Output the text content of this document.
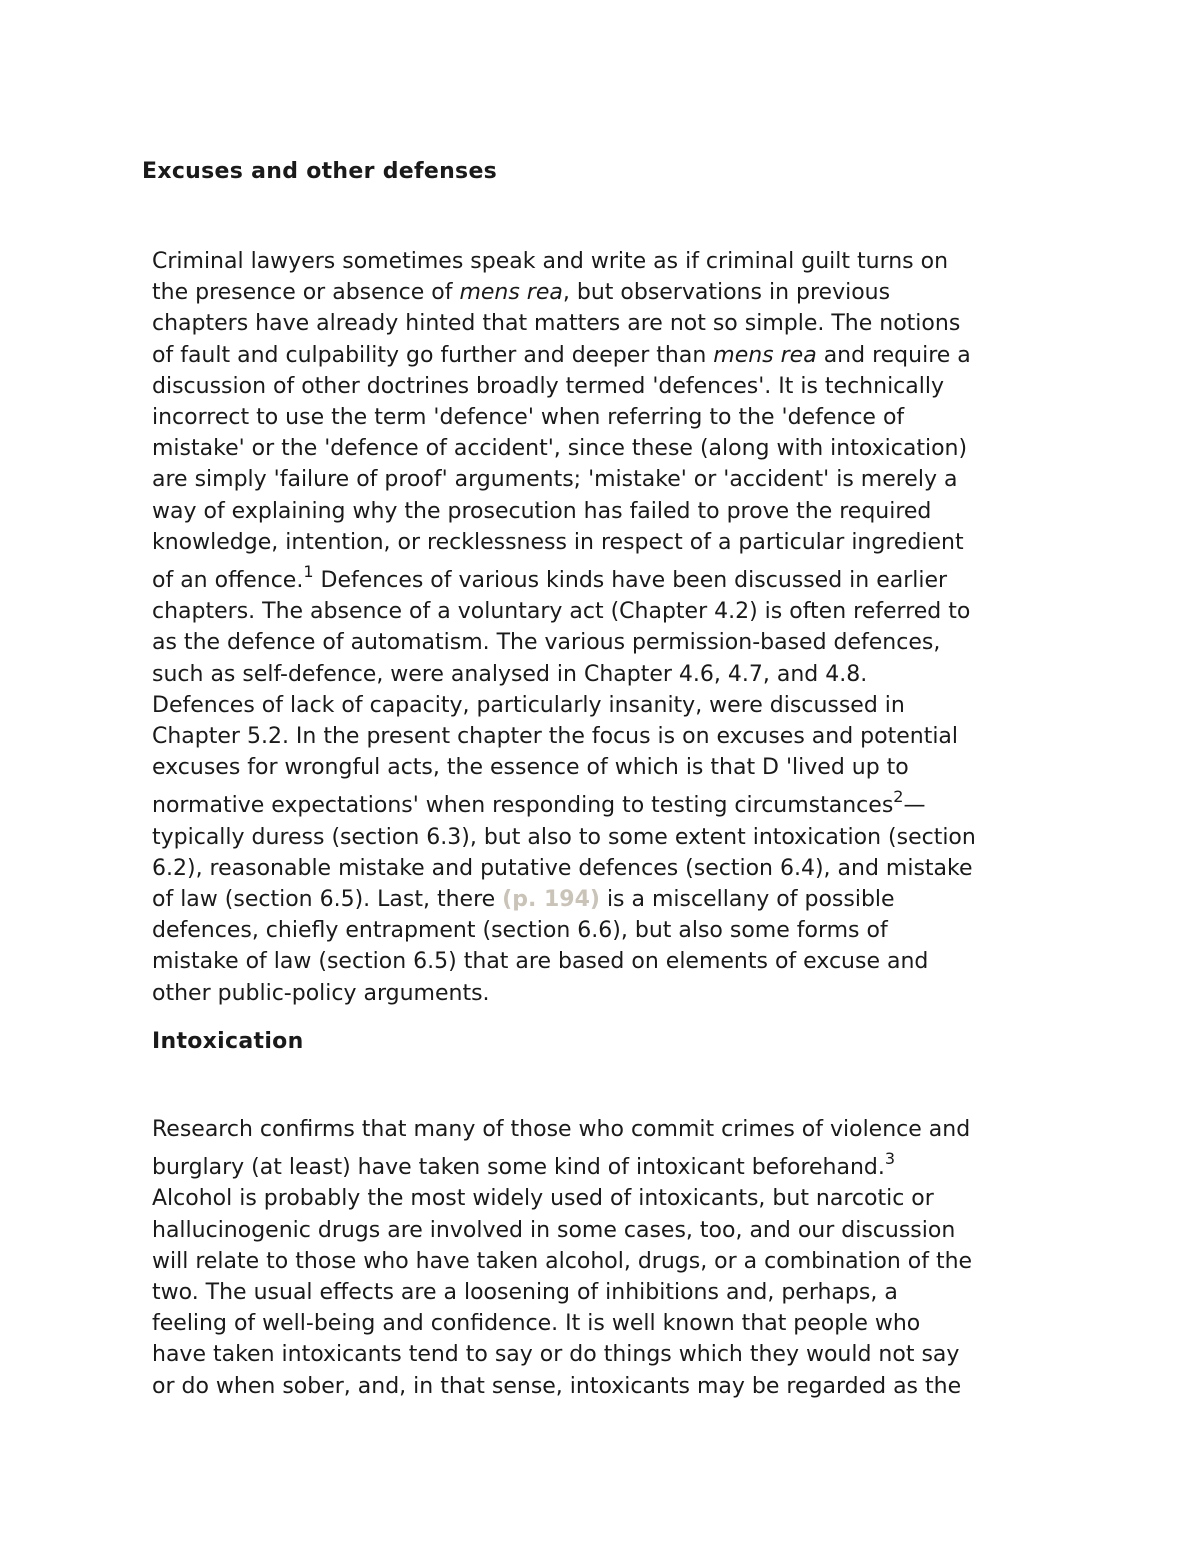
Excuses and other defenses
Criminal lawyers sometimes speak and write as if criminal guilt turns on
the presence or absence of mens rea, but observations in previous
chapters have already hinted that matters are not so simple. The notions
of fault and culpability go further and deeper than mens rea and require a
discussion of other doctrines broadly termed 'defences'. It is technically
incorrect to use the term 'defence' when referring to the 'defence of
mistake' or the 'defence of accident', since these (along with intoxication)
are simply 'failure of proof' arguments; 'mistake' or 'accident' is merely a
way of explaining why the prosecution has failed to prove the required
knowledge, intention, or recklessness in respect of a particular ingredient
of an offence.$^1$ Defences of various kinds have been discussed in earlier
chapters. The absence of a voluntary act (Chapter 4.2) is often referred to
as the defence of automatism. The various permission-based defences,
such as self-defence, were analysed in Chapter 4.6, 4.7, and 4.8.
Defences of lack of capacity, particularly insanity, were discussed in
Chapter 5.2. In the present chapter the focus is on excuses and potential
excuses for wrongful acts, the essence of which is that D 'lived up to
normative expectations' when responding to testing circumstances$^2$—
typically duress (section 6.3), but also to some extent intoxication (section
6.2), reasonable mistake and putative defences (section 6.4), and mistake
of law (section 6.5). Last, there (p. 194) is a miscellany of possible
defences, chiefly entrapment (section 6.6), but also some forms of
mistake of law (section 6.5) that are based on elements of excuse and
other public-policy arguments.
Intoxication
Research confirms that many of those who commit crimes of violence and
burglary (at least) have taken some kind of intoxicant beforehand.$^3$
Alcohol is probably the most widely used of intoxicants, but narcotic or
hallucinogenic drugs are involved in some cases, too, and our discussion
will relate to those who have taken alcohol, drugs, or a combination of the
two. The usual effects are a loosening of inhibitions and, perhaps, a
feeling of well-being and confidence. It is well known that people who
have taken intoxicants tend to say or do things which they would not say
or do when sober, and, in that sense, intoxicants may be regarded as the
